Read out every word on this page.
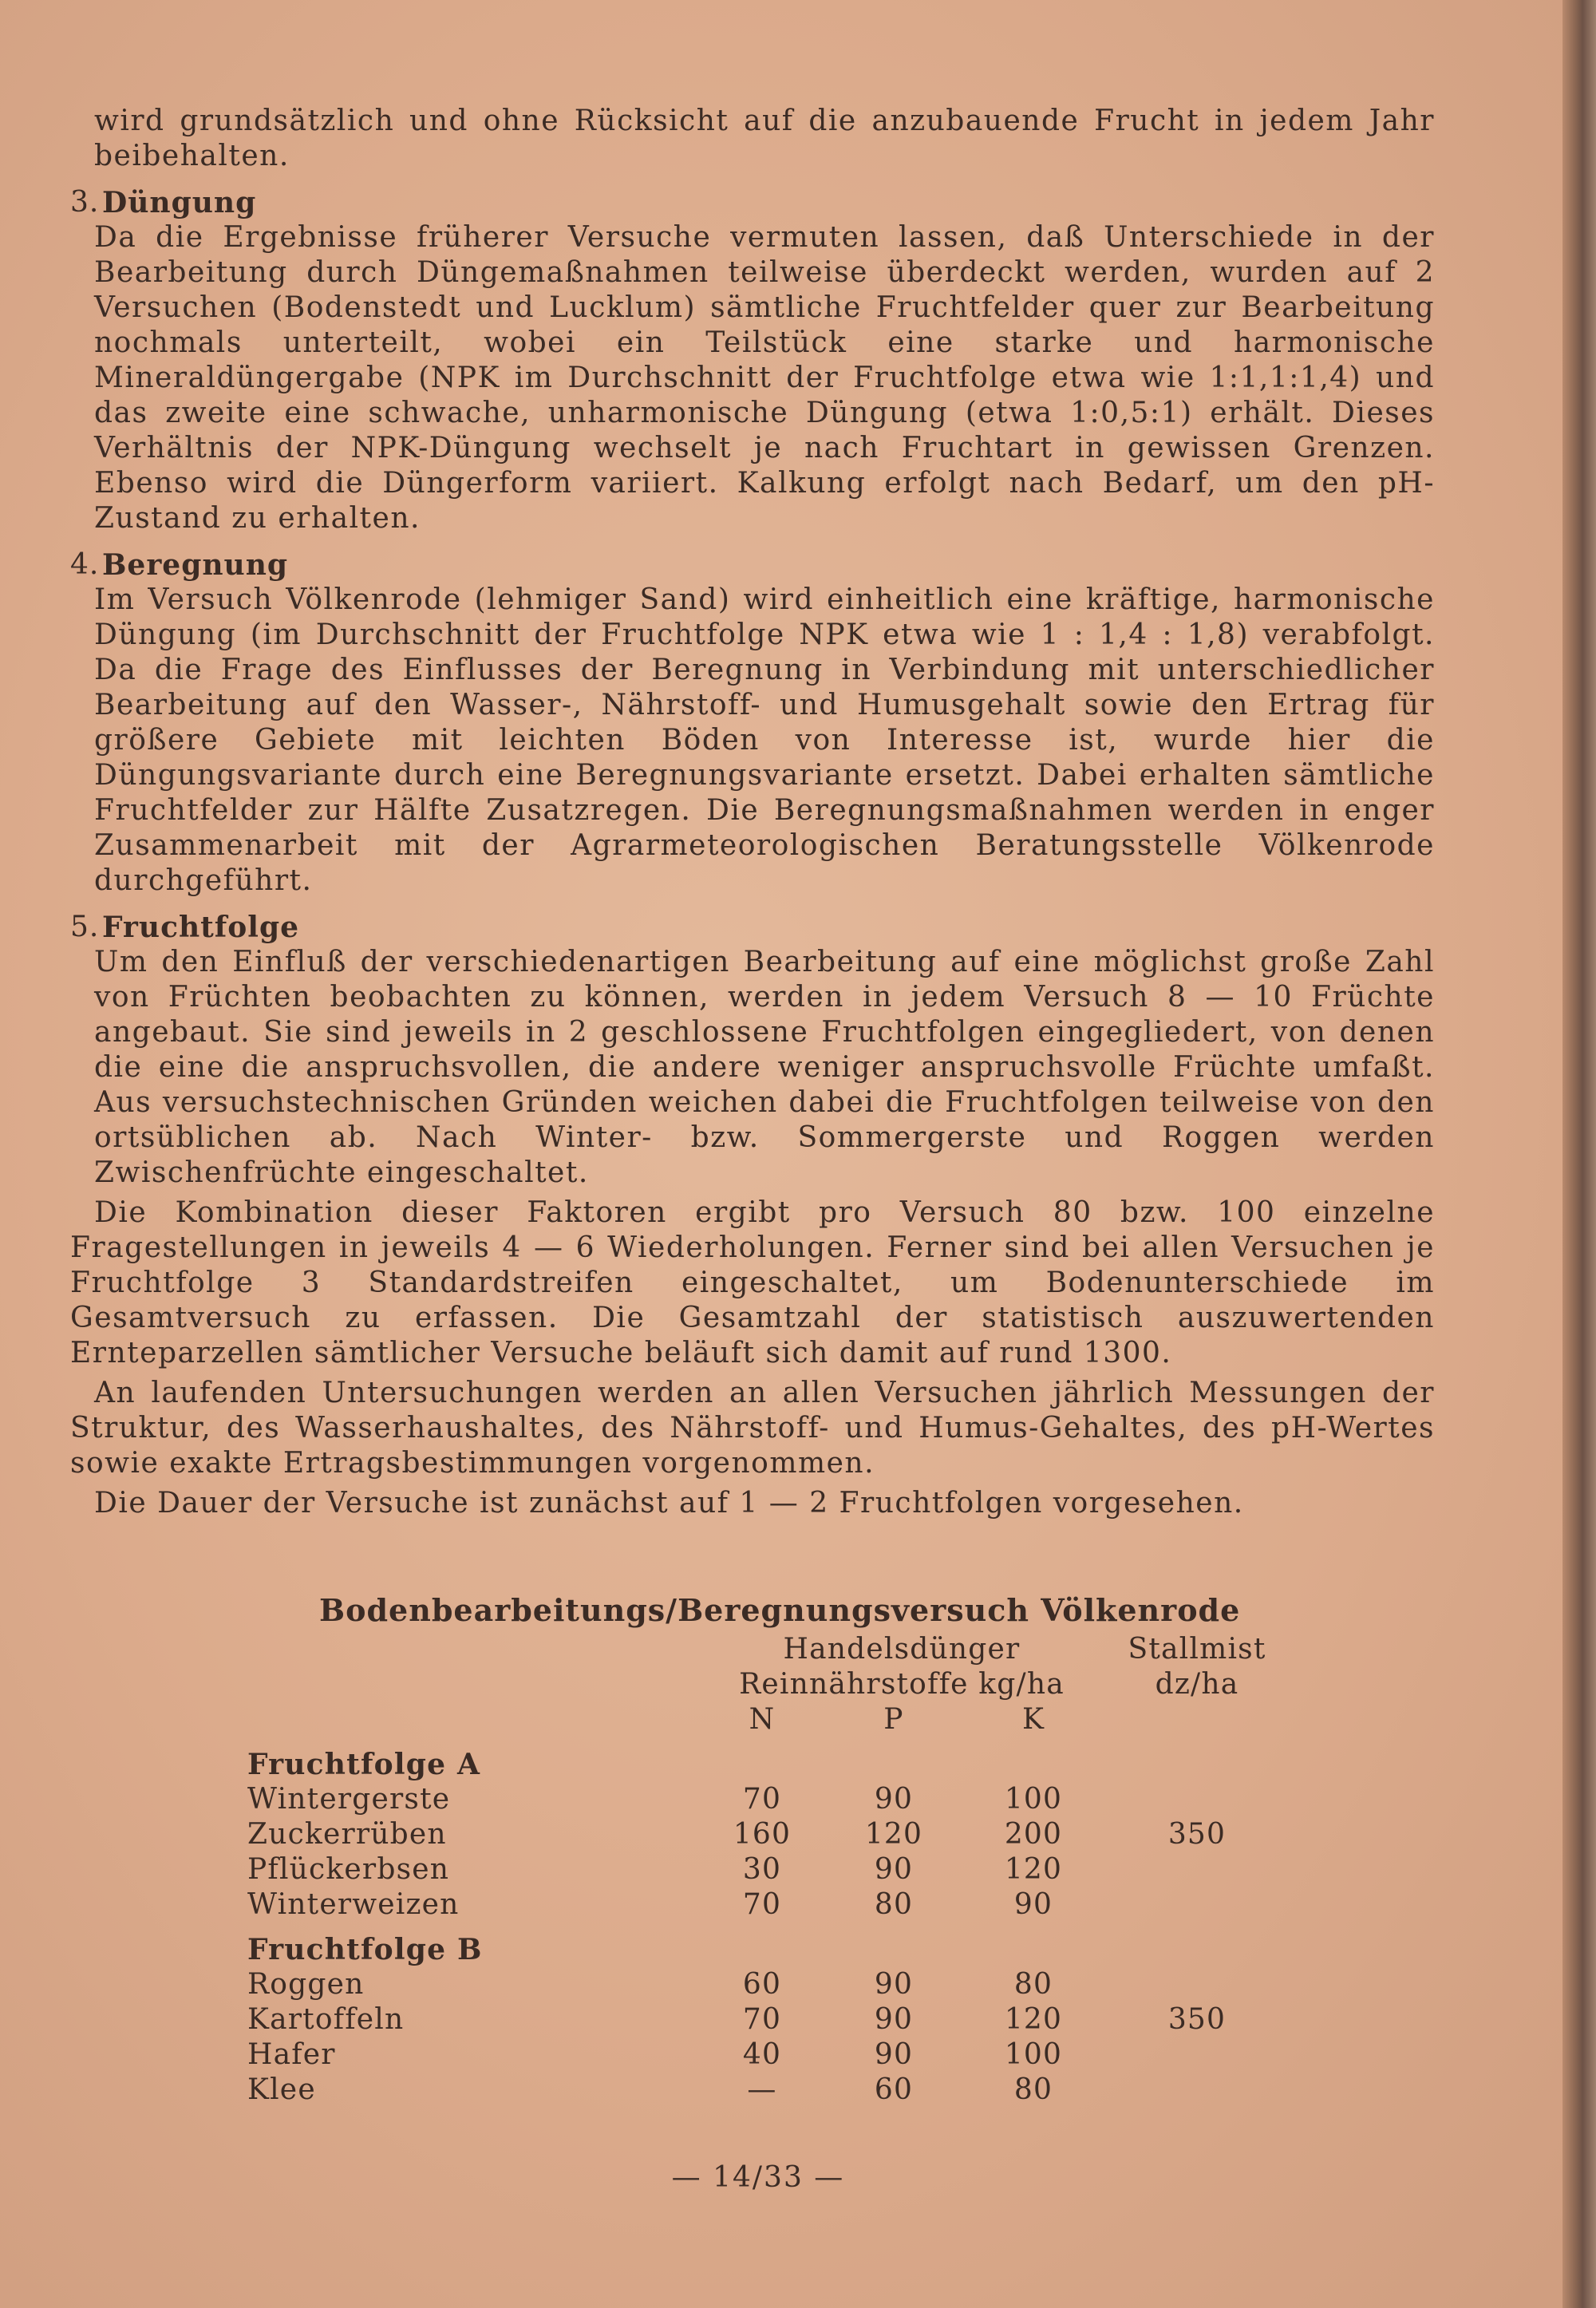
wird grundsätzlich und ohne Rücksicht auf die anzubauende Frucht in jedem Jahr beibehalten.

3. Düngung

Da die Ergebnisse früherer Versuche vermuten lassen, daß Unterschiede in der Bearbeitung durch Düngemaßnahmen teilweise überdeckt werden, wurden auf 2 Versuchen (Bodenstedt und Lucklum) sämtliche Fruchtfelder quer zur Bearbeitung nochmals unterteilt, wobei ein Teilstück eine starke und harmonische Mineraldüngergabe (NPK im Durchschnitt der Fruchtfolge etwa wie 1:1,1:1,4) und das zweite eine schwache, unharmonische Düngung (etwa 1:0,5:1) erhält. Dieses Verhältnis der NPK-Düngung wechselt je nach Fruchtart in gewissen Grenzen. Ebenso wird die Düngerform variiert. Kalkung erfolgt nach Bedarf, um den pH-Zustand zu erhalten.

4. Beregnung

Im Versuch Völkenrode (lehmiger Sand) wird einheitlich eine kräftige, harmonische Düngung (im Durchschnitt der Fruchtfolge NPK etwa wie 1 : 1,4 : 1,8) verabfolgt. Da die Frage des Einflusses der Beregnung in Verbindung mit unterschiedlicher Bearbeitung auf den Wasser-, Nährstoff- und Humusgehalt sowie den Ertrag für größere Gebiete mit leichten Böden von Interesse ist, wurde hier die Düngungsvariante durch eine Beregnungsvariante ersetzt. Dabei erhalten sämtliche Fruchtfelder zur Hälfte Zusatzregen. Die Beregnungsmaßnahmen werden in enger Zusammenarbeit mit der Agrarmeteorologischen Beratungsstelle Völkenrode durchgeführt.

5. Fruchtfolge

Um den Einfluß der verschiedenartigen Bearbeitung auf eine möglichst große Zahl von Früchten beobachten zu können, werden in jedem Versuch 8 — 10 Früchte angebaut. Sie sind jeweils in 2 geschlossene Fruchtfolgen eingegliedert, von denen die eine die anspruchsvollen, die andere weniger anspruchsvolle Früchte umfaßt. Aus versuchstechnischen Gründen weichen dabei die Fruchtfolgen teilweise von den ortsüblichen ab. Nach Winter- bzw. Sommergerste und Roggen werden Zwischenfrüchte eingeschaltet.

Die Kombination dieser Faktoren ergibt pro Versuch 80 bzw. 100 einzelne Fragestellungen in jeweils 4 — 6 Wiederholungen. Ferner sind bei allen Versuchen je Fruchtfolge 3 Standardstreifen eingeschaltet, um Bodenunterschiede im Gesamtversuch zu erfassen. Die Gesamtzahl der statistisch auszuwertenden Ernteparzellen sämtlicher Versuche beläuft sich damit auf rund 1300.

An laufenden Untersuchungen werden an allen Versuchen jährlich Messungen der Struktur, des Wasserhaushaltes, des Nährstoff- und Humus-Gehaltes, des pH-Wertes sowie exakte Ertragsbestimmungen vorgenommen.

Die Dauer der Versuche ist zunächst auf 1 — 2 Fruchtfolgen vorgesehen.

Bodenbearbeitungs/Beregnungsversuch Völkenrode
	Handelsdünger			Stallmist
	Reinnährstoffe kg/ha			dz/ha
	N	P	K	
Fruchtfolge A				
Wintergerste	70	90	100	
Zuckerrüben	160	120	200	350
Pflückerbsen	30	90	120	
Winterweizen	70	80	90	
Fruchtfolge B				
Roggen	60	90	80	
Kartoffeln	70	90	120	350
Hafer	40	90	100	
Klee	—	60	80	
— 14/33 —
